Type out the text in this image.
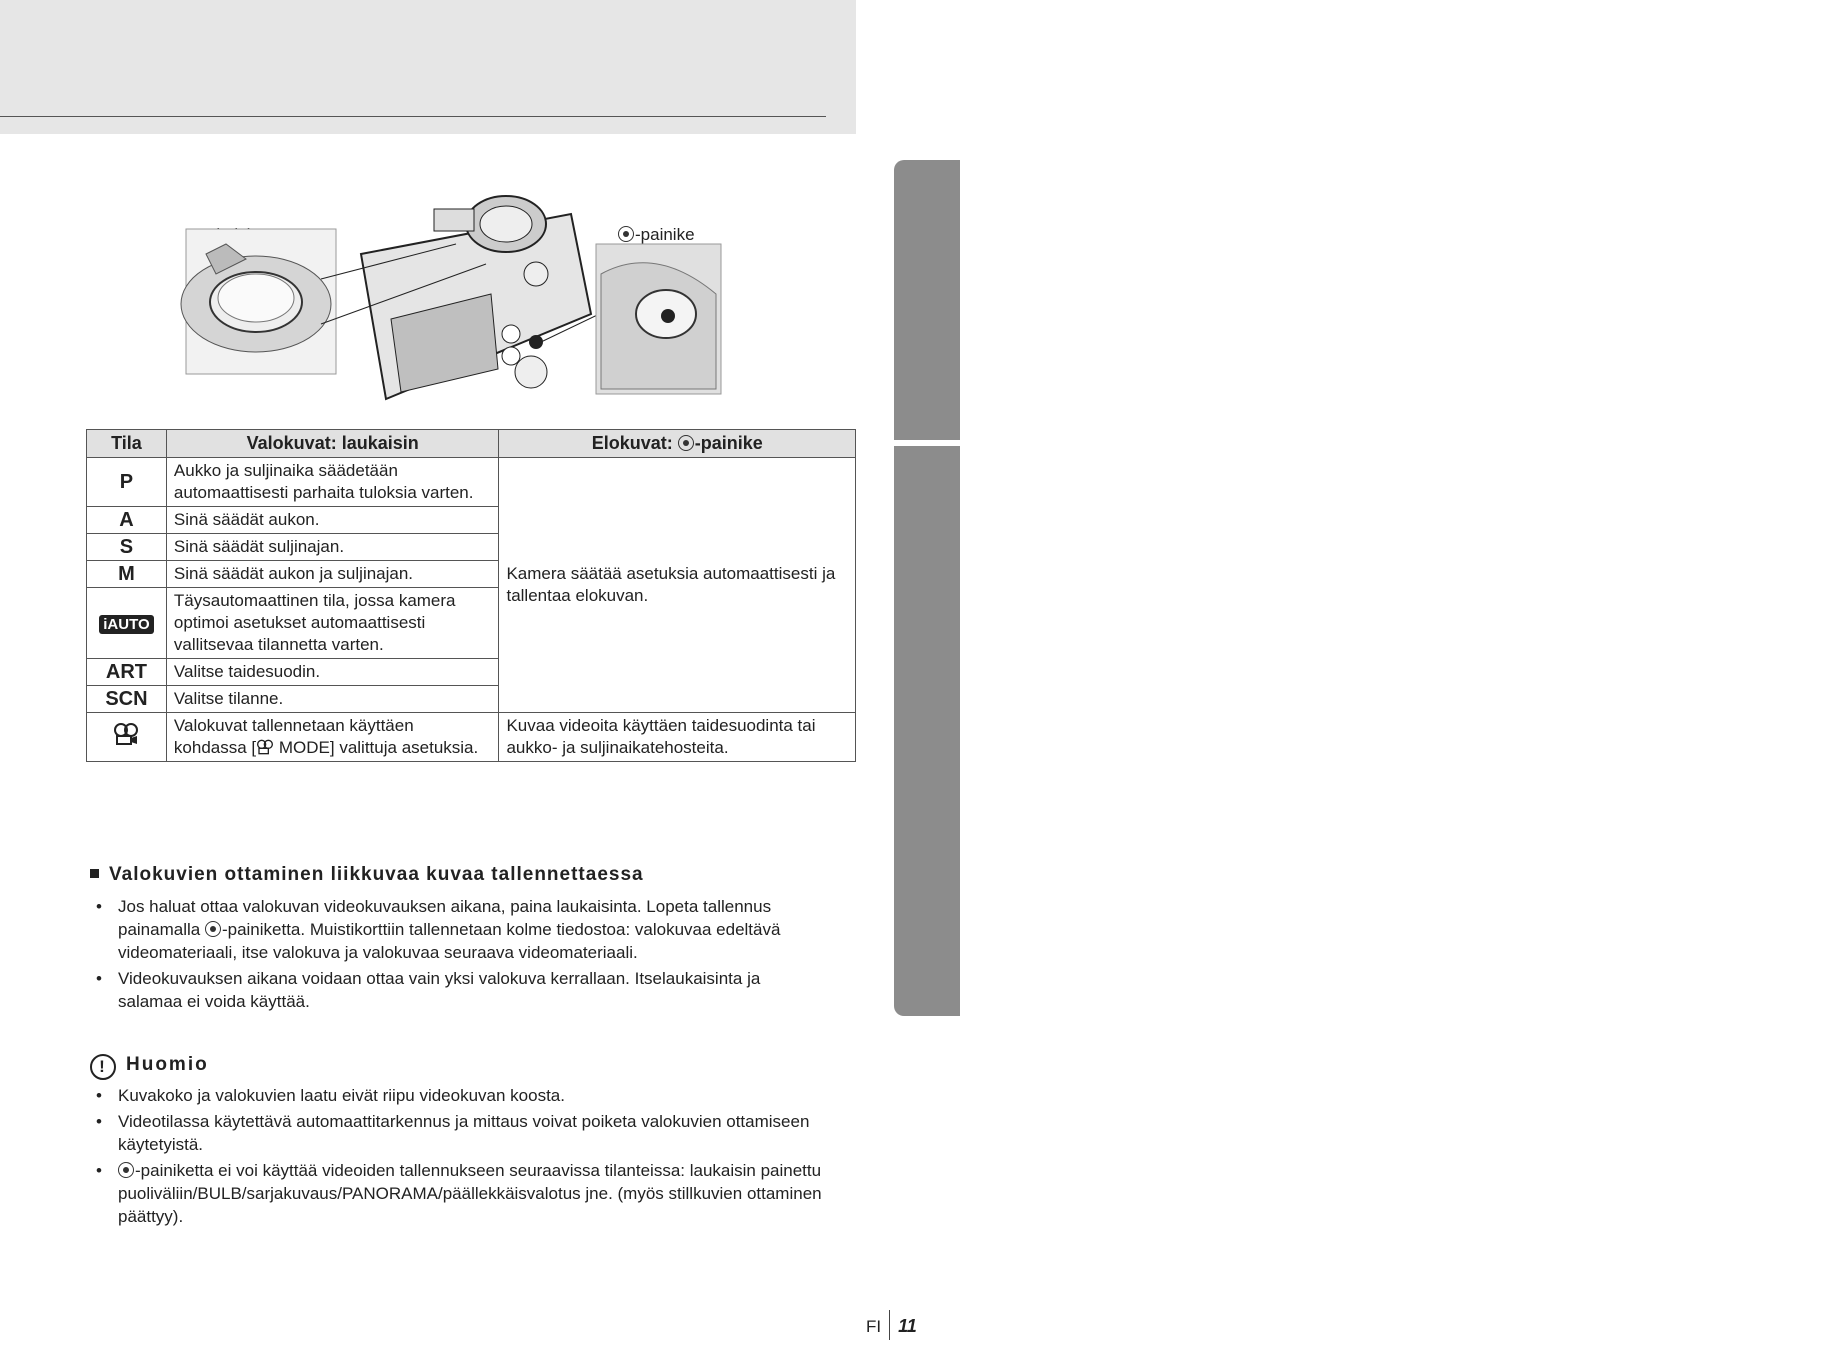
Perusopas
Osien ja toimintojen nimet
-painike
Tila	Valokuvat: laukaisin	Elokuvat: -painike
P	Aukko ja suljinaika säädetään automaattisesti parhaita tuloksia varten.	Kamera säätää asetuksia automaattisesti ja tallentaa elokuvan.
A	Sinä säädät aukon.	
S	Sinä säädät suljinajan.	
M	Sinä säädät aukon ja suljinajan.	
iAUTO	Täysautomaattinen tila, jossa kamera optimoi asetukset automaattisesti vallitsevaa tilannetta varten.	
ART	Valitse taidesuodin.	
SCN	Valitse tilanne.	
	Valokuvat tallennetaan käyttäen kohdassa [ MODE] valittuja asetuksia.	Kuvaa videoita käyttäen taidesuodinta tai aukko- ja suljinaikatehosteita.
Valokuvien ottaminen liikkuvaa kuvaa tallennettaessa
• Jos haluat ottaa valokuvan videokuvauksen aikana, paina laukaisinta. Lopeta tallennus painamalla -painiketta. Muistikorttiin tallennetaan kolme tiedostoa: valokuvaa edeltävä videomateriaali, itse valokuva ja valokuvaa seuraava videomateriaali.
• Videokuvauksen aikana voidaan ottaa vain yksi valokuva kerrallaan. Itselaukaisinta ja salamaa ei voida käyttää.
! Huomio
• Kuvakoko ja valokuvien laatu eivät riipu videokuvan koosta.
• Videotilassa käytettävä automaattitarkennus ja mittaus voivat poiketa valokuvien ottamiseen käytetyistä.
• -painiketta ei voi käyttää videoiden tallennukseen seuraavissa tilanteissa: laukaisin painettu puoliväliin/BULB/sarjakuvaus/PANORAMA/päällekkäisvalotus jne. (myös stillkuvien ottaminen päättyy).
FI 11
